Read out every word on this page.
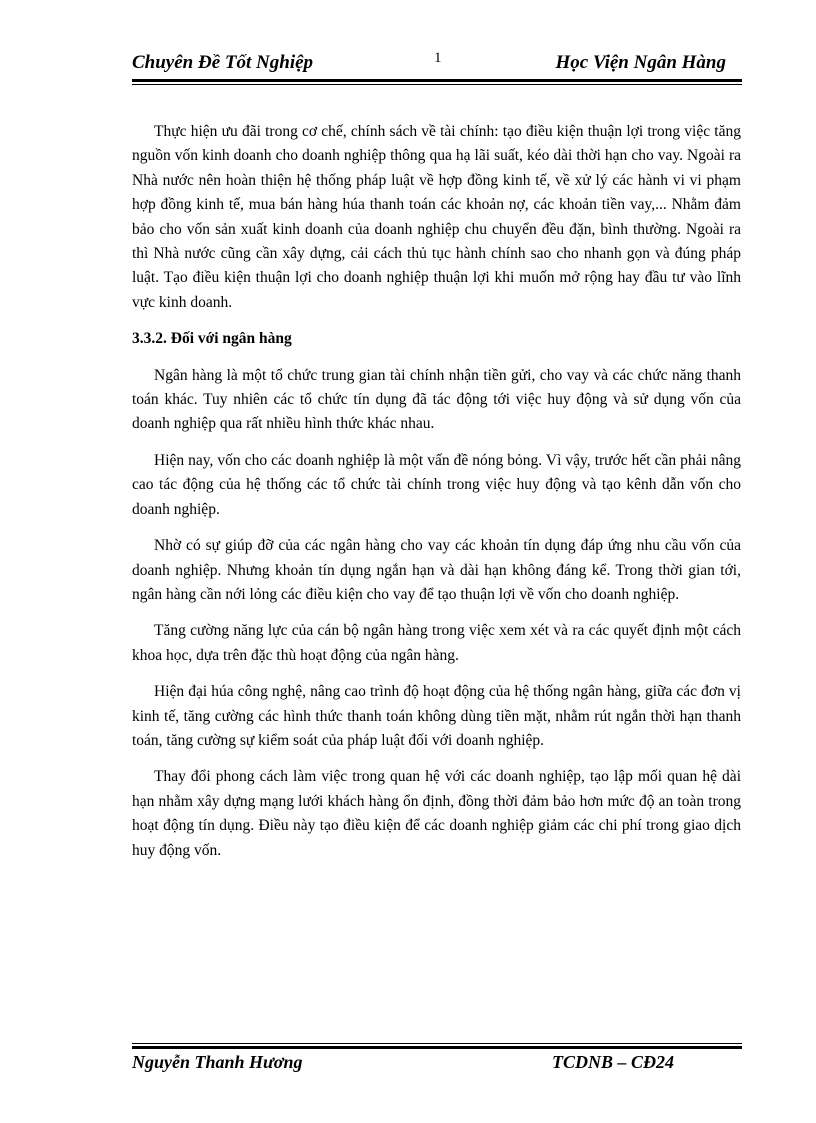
Chuyên Đề Tốt Nghiệp	1	Học Viện Ngân Hàng

Thực hiện ưu đãi trong cơ chế, chính sách về tài chính: tạo điều kiện thuận lợi trong việc tăng nguồn vốn kinh doanh cho doanh nghiệp thông qua hạ lãi suất, kéo dài thời hạn cho vay. Ngoài ra Nhà nước nên hoàn thiện hệ thống pháp luật về hợp đồng kinh tế, về xử lý các hành vi vi phạm hợp đồng kinh tế, mua bán hàng húa thanh toán các khoản nợ, các khoản tiền vay,... Nhằm đảm bảo cho vốn sản xuất kinh doanh của doanh nghiệp chu chuyển đều đặn, bình thường. Ngoài ra thì Nhà nước cũng cần xây dựng, cải cách thủ tục hành chính sao cho nhanh gọn và đúng pháp luật. Tạo điều kiện thuận lợi cho doanh nghiệp thuận lợi khi muốn mở rộng hay đầu tư vào lĩnh vực kinh doanh.

3.3.2. Đối với ngân hàng

Ngân hàng là một tổ chức trung gian tài chính nhận tiền gửi, cho vay và các chức năng thanh toán khác. Tuy nhiên các tổ chức tín dụng đã tác động tới việc huy động và sử dụng vốn của doanh nghiệp qua rất nhiều hình thức khác nhau.

Hiện nay, vốn cho các doanh nghiệp là một vấn đề nóng bỏng. Vì vậy, trước hết cần phải nâng cao tác động của hệ thống các tổ chức tài chính trong việc huy động và tạo kênh dẫn vốn cho doanh nghiệp.

Nhờ có sự giúp đỡ của các ngân hàng cho vay các khoản tín dụng đáp ứng nhu cầu vốn của doanh nghiệp. Nhưng khoản tín dụng ngắn hạn và dài hạn không đáng kể. Trong thời gian tới, ngân hàng cần nới lỏng các điều kiện cho vay để tạo thuận lợi về vốn cho doanh nghiệp.

Tăng cường năng lực của cán bộ ngân hàng trong việc xem xét và ra các quyết định một cách khoa học, dựa trên đặc thù hoạt động của ngân hàng.

Hiện đại húa công nghệ, nâng cao trình độ hoạt động của hệ thống ngân hàng, giữa các đơn vị kinh tế, tăng cường các hình thức thanh toán không dùng tiền mặt, nhằm rút ngắn thời hạn thanh toán, tăng cường sự kiểm soát của pháp luật đối với doanh nghiệp.

Thay đổi phong cách làm việc trong quan hệ với các doanh nghiệp, tạo lập mối quan hệ dài hạn nhằm xây dựng mạng lưới khách hàng ổn định, đồng thời đảm bảo hơn mức độ an toàn trong hoạt động tín dụng. Điều này tạo điều kiện để các doanh nghiệp giảm các chi phí trong giao dịch huy động vốn.

Nguyễn Thanh Hương	TCDNB – CĐ24
